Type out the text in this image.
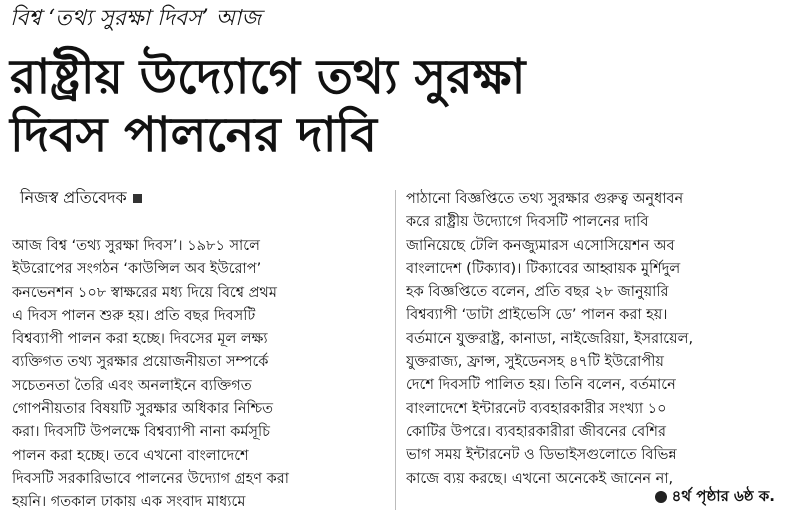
বিশ্ব ‘তথ্য সুরক্ষা দিবস’ আজ
রাষ্ট্রীয় উদ্যোগে তথ্য সুরক্ষা
দিবস পালনের দাবি
নিজস্ব প্রতিবেদক
আজ বিশ্ব ‘তথ্য সুরক্ষা দিবস’। ১৯৮১ সালে
ইউরোপের সংগঠন ‘কাউন্সিল অব ইউরোপ’
কনভেনশন ১০৮ স্বাক্ষরের মধ্য দিয়ে বিশ্বে প্রথম
এ দিবস পালন শুরু হয়। প্রতি বছর দিবসটি
বিশ্বব্যাপী পালন করা হচ্ছে। দিবসের মূল লক্ষ্য
ব্যক্তিগত তথ্য সুরক্ষার প্রয়োজনীয়তা সম্পর্কে
সচেতনতা তৈরি এবং অনলাইনে ব্যক্তিগত
গোপনীয়তার বিষয়টি সুরক্ষার অধিকার নিশ্চিত
করা। দিবসটি উপলক্ষে বিশ্বব্যাপী নানা কর্মসূচি
পালন করা হচ্ছে। তবে এখনো বাংলাদেশে
দিবসটি সরকারিভাবে পালনের উদ্যোগ গ্রহণ করা
হয়নি। গতকাল ঢাকায় এক সংবাদ মাধ্যমে
পাঠানো বিজ্ঞপ্তিতে তথ্য সুরক্ষার গুরুত্ব অনুধাবন
করে রাষ্ট্রীয় উদ্যোগে দিবসটি পালনের দাবি
জানিয়েছে টেলি কনজ্যুমারস এসোসিয়েশন অব
বাংলাদেশ (টিক্যাব)। টিক্যাবের আহ্বায়ক মুর্শিদুল
হক বিজ্ঞপ্তিতে বলেন, প্রতি বছর ২৮ জানুয়ারি
বিশ্বব্যাপী ‘ডাটা প্রাইভেসি ডে’ পালন করা হয়।
বর্তমানে যুক্তরাষ্ট্র, কানাডা, নাইজেরিয়া, ইসরায়েল,
যুক্তরাজ্য, ফ্রান্স, সুইডেনসহ ৪৭টি ইউরোপীয়
দেশে দিবসটি পালিত হয়। তিনি বলেন, বর্তমানে
বাংলাদেশে ইন্টারনেট ব্যবহারকারীর সংখ্যা ১০
কোটির উপরে। ব্যবহারকারীরা জীবনের বেশির
ভাগ সময় ইন্টারনেট ও ডিভাইসগুলোতে বিভিন্ন
কাজে ব্যয় করছে। এখনো অনেকেই জানেন না,
৪র্থ পৃষ্ঠার ৬ষ্ঠ ক.
